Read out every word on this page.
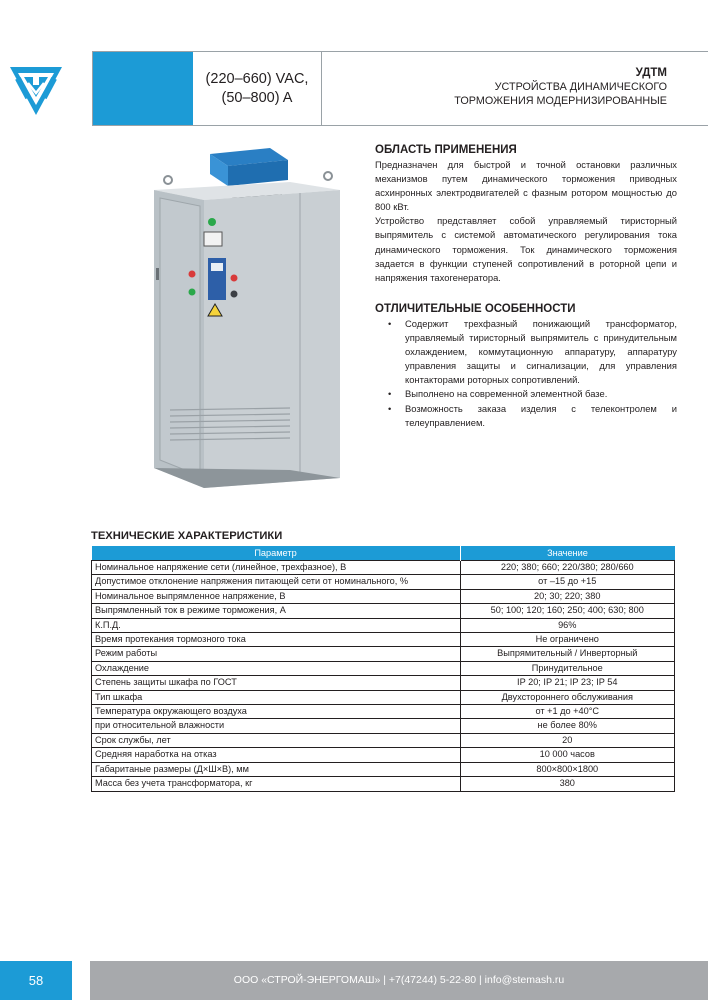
(220–660) VAC,
(50–800) A
УДТМ
УСТРОЙСТВА ДИНАМИЧЕСКОГО
ТОРМОЖЕНИЯ МОДЕРНИЗИРОВАННЫЕ
ОБЛАСТЬ ПРИМЕНЕНИЯ

Предназначен для быстрой и точной остановки различных механизмов путем динамического торможения приводных асхинронных электродвигателей с фазным ротором мощностью до 800 кВт.

Устройство представляет собой управляемый тиристорный выпрямитель с системой автоматического регулирования тока динамического торможения. Ток динамического торможения задается в функции ступеней сопротивлений в роторной цепи и напряжения тахогенератора.

ОТЛИЧИТЕЛЬНЫЕ ОСОБЕННОСТИ
• Содержит трехфазный понижающий трансформатор, управляемый тиристорный выпрямитель с принудительным охлаждением, коммутационную аппаратуру, аппаратуру управления защиты и сигнализации, для управления контакторами роторных сопротивлений.
• Выполнено на современной элементной базе.
• Возможность заказа изделия с телеконтролем и телеуправлением.
ТЕХНИЧЕСКИЕ ХАРАКТЕРИСТИКИ
Параметр	Значение
Номинальное напряжение сети (линейное, трехфазное), В	220; 380; 660; 220/380; 280/660
Допустимое отклонение напряжения питающей сети от номинального, %	от –15 до +15
Номинальное выпрямленное напряжение, В	20; 30; 220; 380
Выпрямленный ток в режиме торможения, А	50; 100; 120; 160; 250; 400; 630; 800
К.П.Д.	96%
Время протекания тормозного тока	Не ограничено
Режим работы	Выпрямительный / Инверторный
Охлаждение	Принудительное
Степень защиты шкафа по ГОСТ	IP 20; IP 21; IP 23; IP 54
Тип шкафа	Двухстороннего обслуживания
Температура окружающего воздуха	от +1 до +40°С
при относительной влажности	не более 80%
Срок службы, лет	20
Средняя наработка на отказ	10 000 часов
Габаританые размеры (Д×Ш×В), мм	800×800×1800
Масса без учета трансформатора, кг	380
58	ООО «СТРОЙ-ЭНЕРГОМАШ» | +7(47244) 5-22-80 | info@stemash.ru
